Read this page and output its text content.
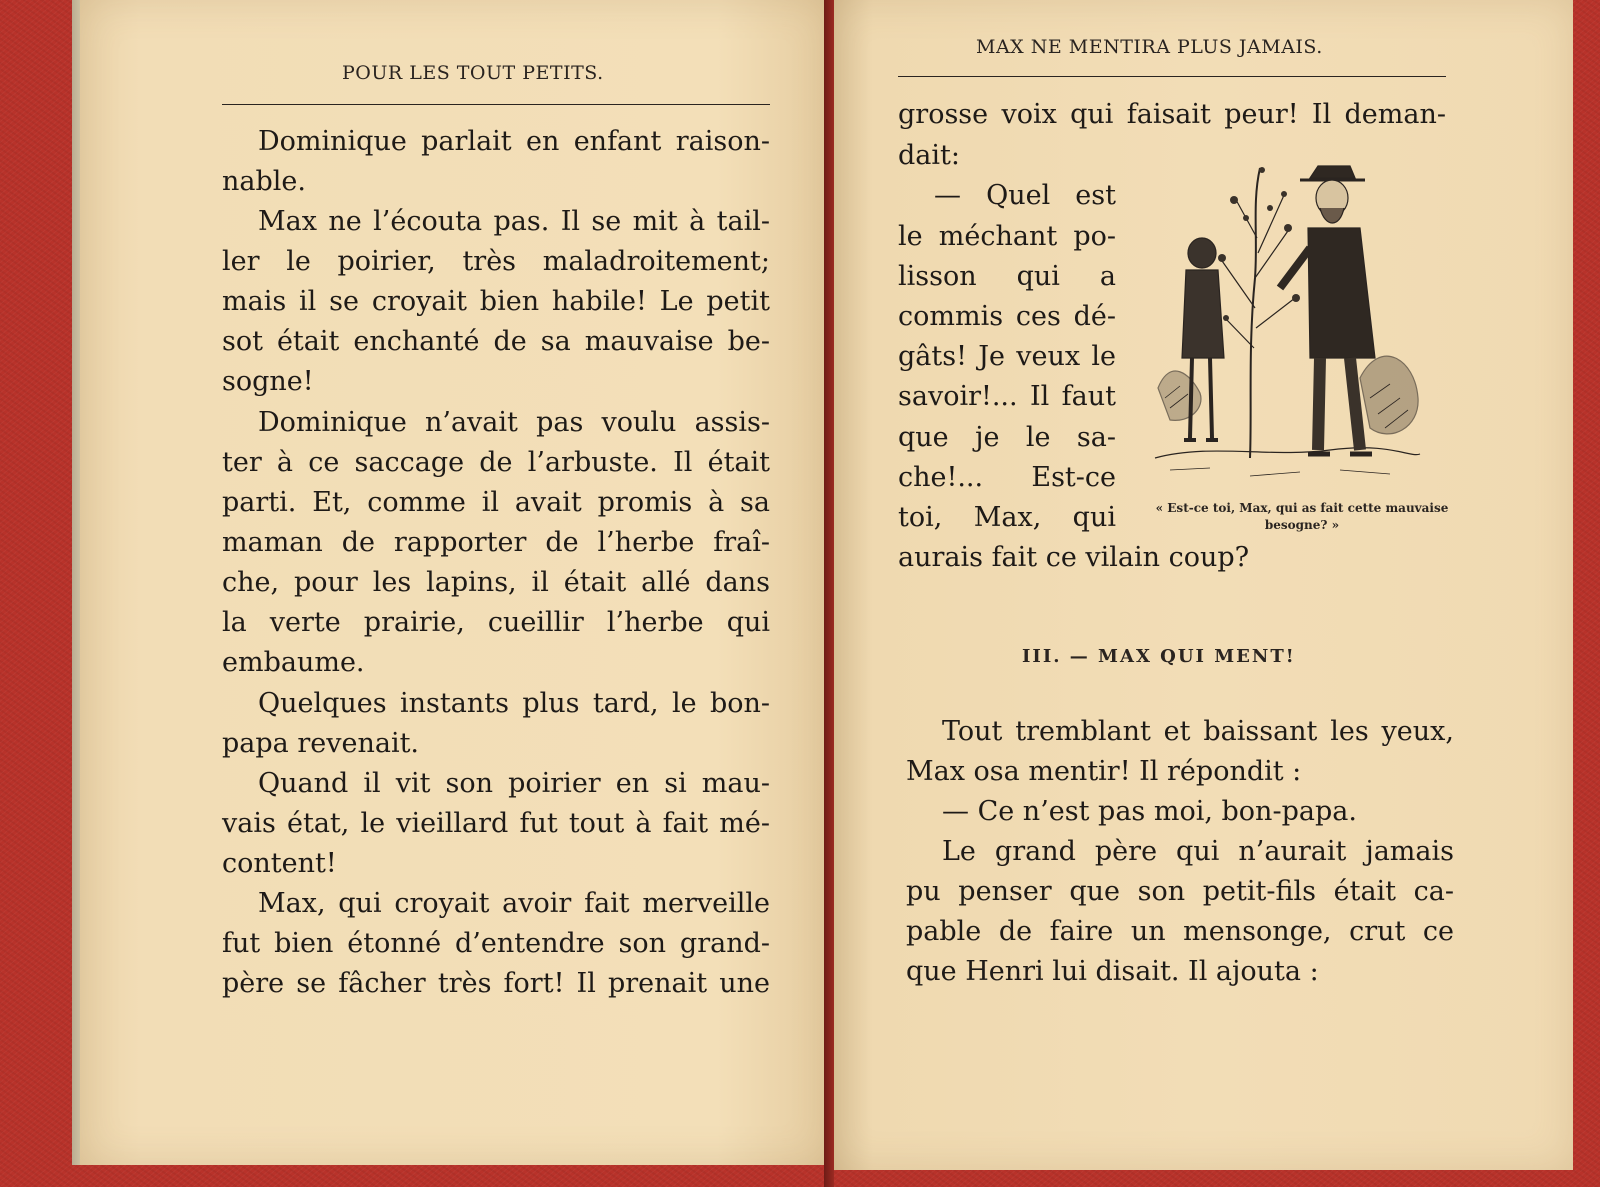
POUR LES TOUT PETITS.
Dominique parlait en enfant raison-
nable.
Max ne l’écouta pas. Il se mit à tail-
ler le poirier, très maladroitement;
mais il se croyait bien habile! Le petit
sot était enchanté de sa mauvaise be-
sogne!
Dominique n’avait pas voulu assis-
ter à ce saccage de l’arbuste. Il était
parti. Et, comme il avait promis à sa
maman de rapporter de l’herbe fraî-
che, pour les lapins, il était allé dans
la verte prairie, cueillir l’herbe qui
embaume.
Quelques instants plus tard, le bon-
papa revenait.
Quand il vit son poirier en si mau-
vais état, le vieillard fut tout à fait mé-
content!
Max, qui croyait avoir fait merveille
fut bien étonné d’entendre son grand-
père se fâcher très fort! Il prenait une
MAX NE MENTIRA PLUS JAMAIS.
grosse voix qui faisait peur! Il deman-
dait:
— Quel est
le méchant po-
lisson qui a
commis ces dé-
gâts! Je veux le
savoir!... Il faut
que je le sa-
che!... Est-ce
toi, Max, qui
aurais fait ce vilain coup?
« Est-ce toi, Max, qui as fait cette mauvaise
besogne? »
III. — MAX QUI MENT!
Tout tremblant et baissant les yeux,
Max osa mentir! Il répondit :
— Ce n’est pas moi, bon-papa.
Le grand père qui n’aurait jamais
pu penser que son petit-fils était ca-
pable de faire un mensonge, crut ce
que Henri lui disait. Il ajouta :
